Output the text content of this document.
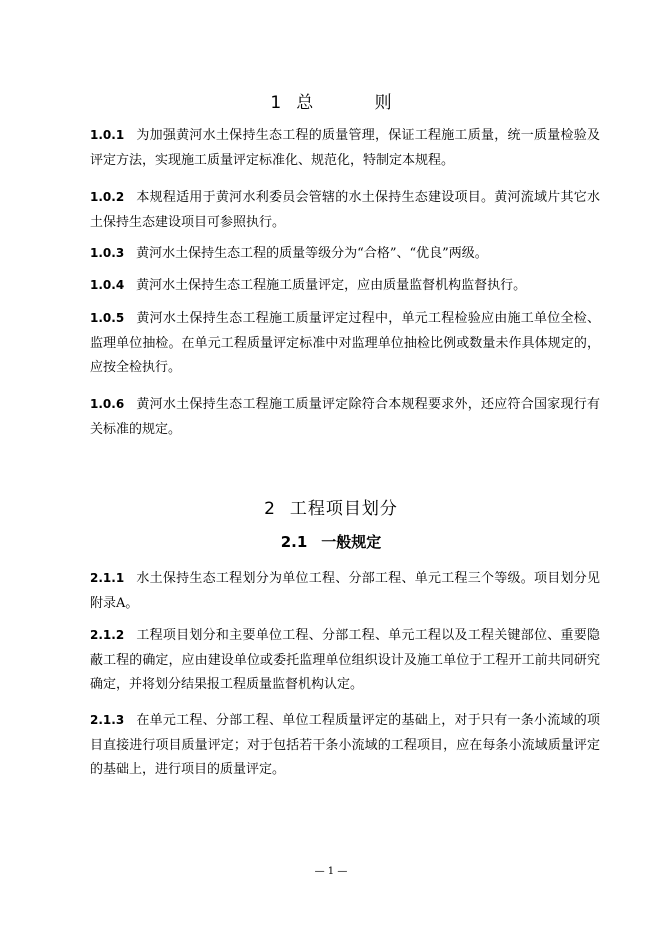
1 总 则
1.0.1 为加强黄河水土保持生态工程的质量管理，保证工程施工质量，统一质量检验及评定方法，实现施工质量评定标准化、规范化，特制定本规程。
1.0.2 本规程适用于黄河水利委员会管辖的水土保持生态建设项目。黄河流域片其它水土保持生态建设项目可参照执行。
1.0.3 黄河水土保持生态工程的质量等级分为“合格”、“优良”两级。
1.0.4 黄河水土保持生态工程施工质量评定，应由质量监督机构监督执行。
1.0.5 黄河水土保持生态工程施工质量评定过程中，单元工程检验应由施工单位全检、监理单位抽检。在单元工程质量评定标准中对监理单位抽检比例或数量未作具体规定的，应按全检执行。
1.0.6 黄河水土保持生态工程施工质量评定除符合本规程要求外，还应符合国家现行有关标准的规定。
2 工程项目划分
2.1 一般规定
2.1.1 水土保持生态工程划分为单位工程、分部工程、单元工程三个等级。项目划分见附录A。
2.1.2 工程项目划分和主要单位工程、分部工程、单元工程以及工程关键部位、重要隐蔽工程的确定，应由建设单位或委托监理单位组织设计及施工单位于工程开工前共同研究确定，并将划分结果报工程质量监督机构认定。
2.1.3 在单元工程、分部工程、单位工程质量评定的基础上，对于只有一条小流域的项目直接进行项目质量评定；对于包括若干条小流域的工程项目，应在每条小流域质量评定的基础上，进行项目的质量评定。
— 1 —
